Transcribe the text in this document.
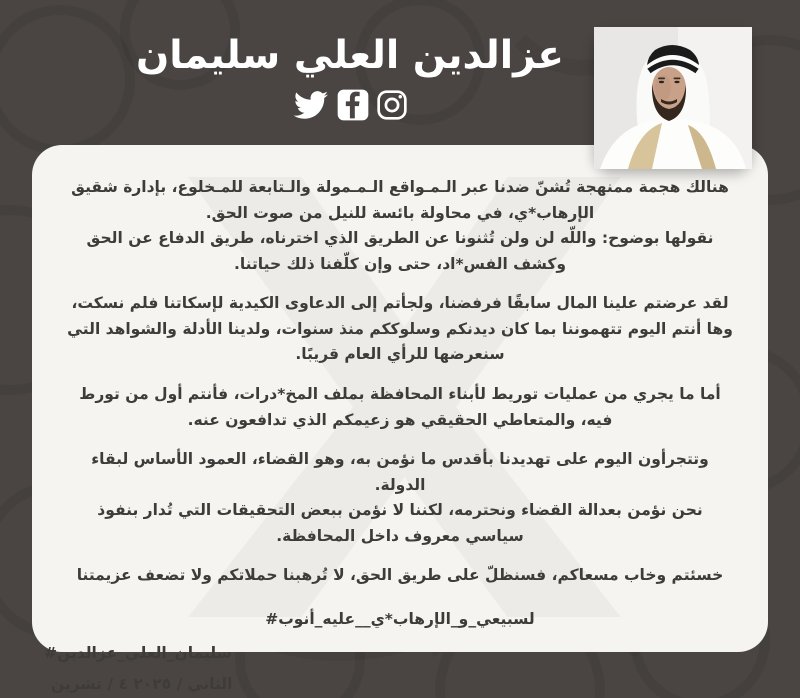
عزالدين العلي سليمان

هنالك هجمة ممنهجة تُشنّ ضدنا عبر الـمـواقع الـمـمولة والـتابعة للمـخلوع، بإدارة شقيق الإرهاب*ي، في محاولة بائسة للنيل من صوت الحق.

نقولها بوضوح: واللّه لن ولن تُثنونا عن الطريق الذي اخترناه، طريق الدفاع عن الحق وكشف الفس*اد، حتى وإن كلّفنا ذلك حياتنا.

لقد عرضتم علينا المال سابقًا فرفضنا، ولجأتم إلى الدعاوى الكيدية لإسكاتنا فلم نسكت، وها أنتم اليوم تتهموننا بما كان ديدنكم وسلوككم منذ سنوات، ولدينا الأدلة والشواهد التي سنعرضها للرأي العام قريبًا.

أما ما يجري من عمليات توريط لأبناء المحافظة بملف المخ*درات، فأنتم أول من تورط فيه، والمتعاطي الحقيقي هو زعيمكم الذي تدافعون عنه.

وتتجرأون اليوم على تهديدنا بأقدس ما نؤمن به، وهو القضاء، العمود الأساس لبقاء الدولة.

نحن نؤمن بعدالة القضاء ونحترمه، لكننا لا نؤمن ببعض التحقيقات التي تُدار بنفوذ سياسي معروف داخل المحافظة.

خسئتم وخاب مسعاكم، فسنظلّ على طريق الحق، لا تُرهبنا حملاتكم ولا تضعف عزيمتنا

#أنوب‎_‎عليه‎__‎الإرهاب*ي‎_‎و‎_‎لسبيعي
#عزالدين‎_‎العلي‎_‎سليمان
٤ / تشرين‎ الثاني / ٢٠٢٥
